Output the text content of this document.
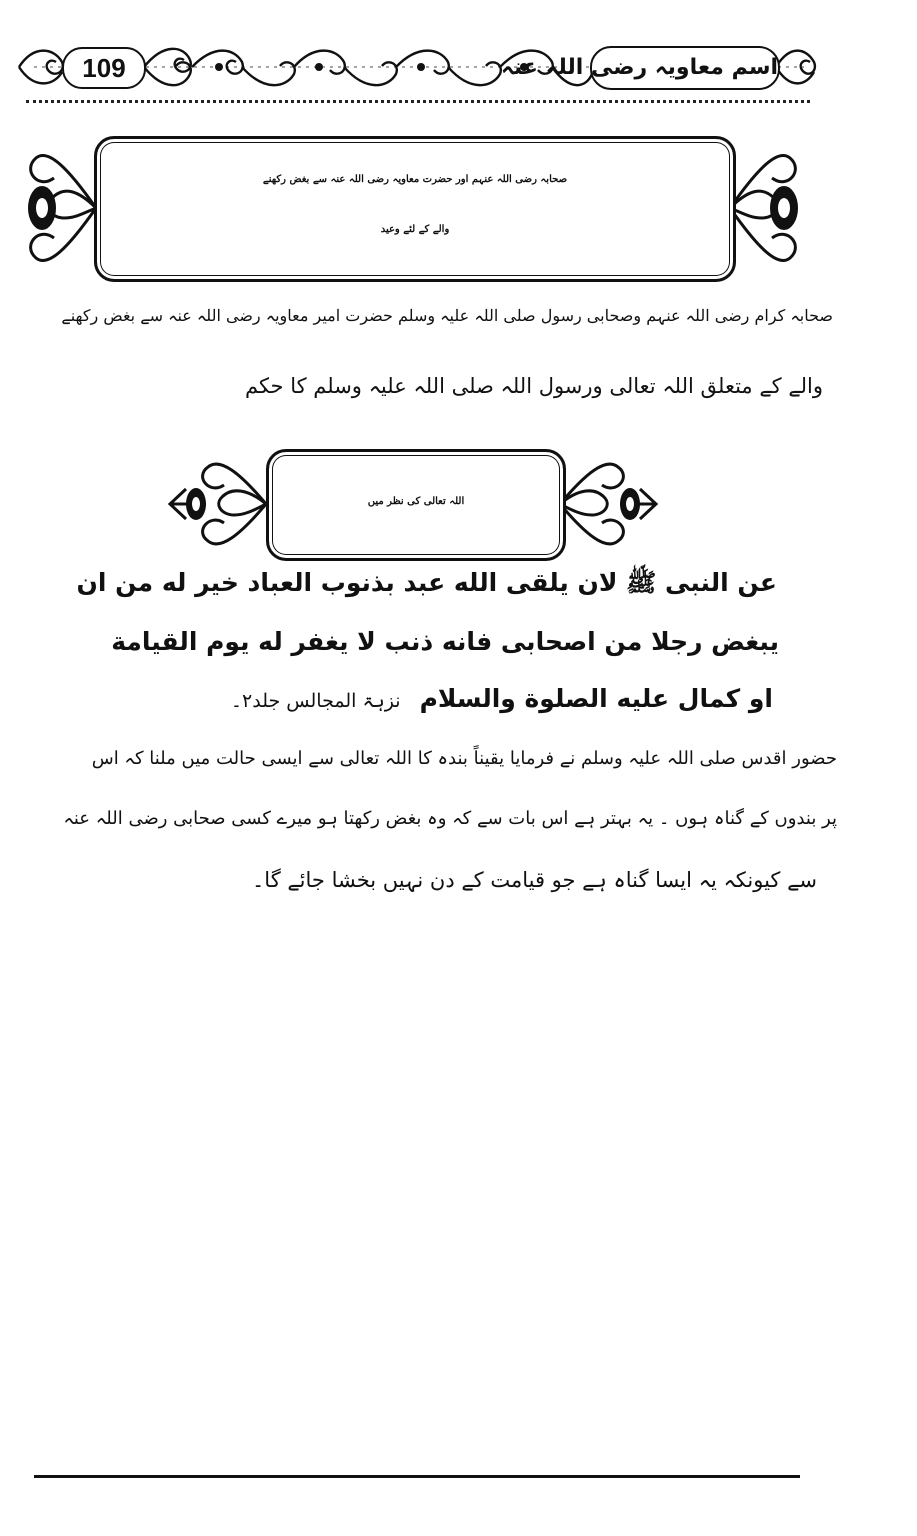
109	اسم معاویہ رضی اللہ عنہ
صحابہ رضی اللہ عنہم اور حضرت معاویہ رضی اللہ عنہ سے بغض رکھنے
والے کے لئے وعید
صحابہ کرام رضی اللہ عنہم وصحابی رسول صلی اللہ علیہ وسلم حضرت امیر معاویہ رضی اللہ عنہ سے بغض رکھنے
والے کے متعلق اللہ تعالی ورسول اللہ صلی اللہ علیہ وسلم کا حکم
اللہ تعالی کی نظر میں
عن النبى ﷺ لان يلقى الله عبد بذنوب العباد خير له من ان
يبغض رجلا من اصحابى فانه ذنب لا يغفر له يوم القيامة
او كمال عليه الصلوة والسلام نزہۃ المجالس جلد۲۔
حضور اقدس صلی اللہ علیہ وسلم نے فرمایا یقیناً بندہ کا اللہ تعالی سے ایسی حالت میں ملنا کہ اس
پر بندوں کے گناہ ہوں ۔ یہ بہتر ہے اس بات سے کہ وہ بغض رکھتا ہو میرے کسی صحابی رضی اللہ عنہ
سے کیونکہ یہ ایسا گناہ ہے جو قیامت کے دن نہیں بخشا جائے گا۔
